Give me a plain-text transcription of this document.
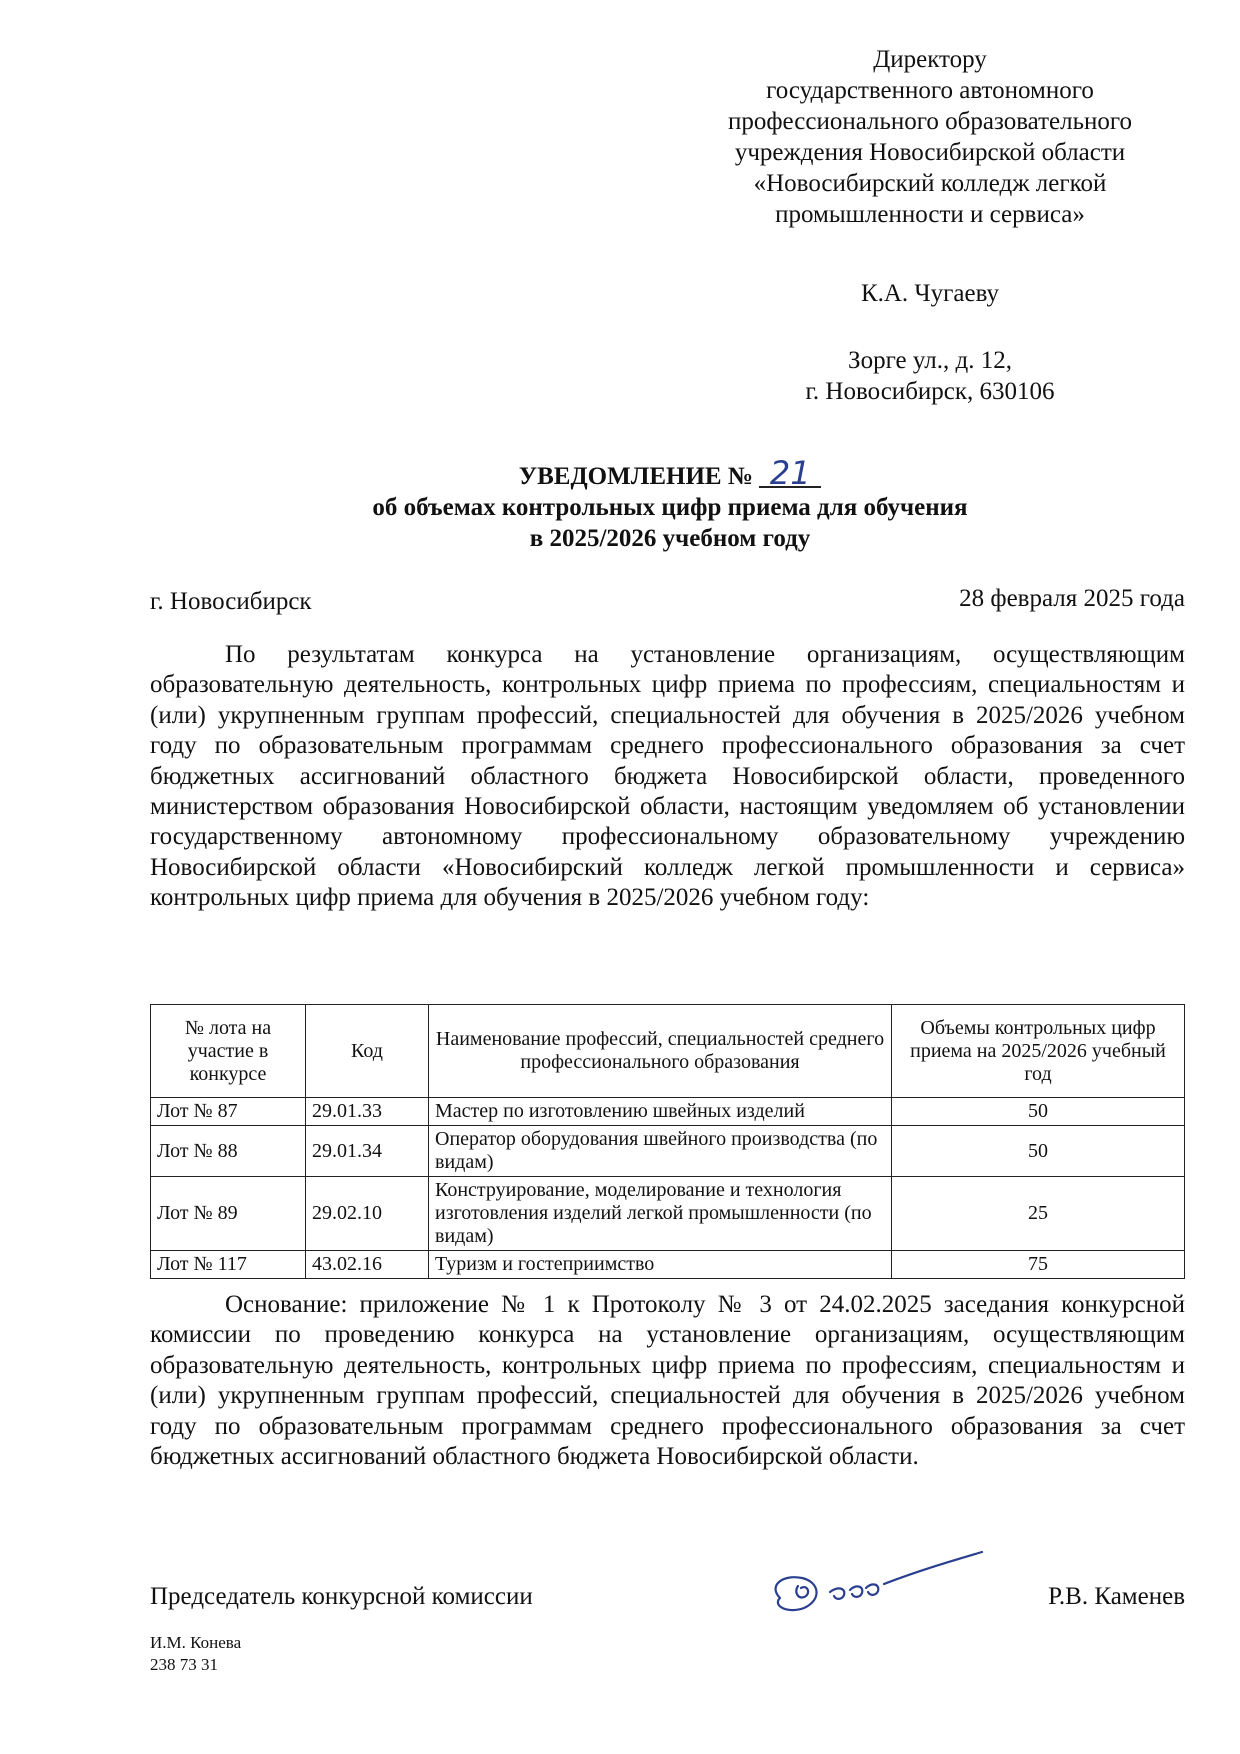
Директору
государственного автономного
профессионального образовательного
учреждения Новосибирской области
«Новосибирский колледж легкой
промышленности и сервиса»
К.А. Чугаеву
Зорге ул., д. 12,
г. Новосибирск, 630106
УВЕДОМЛЕНИЕ № 21
об объемах контрольных цифр приема для обучения
в 2025/2026 учебном году
г. Новосибирск	28 февраля 2025 года

По результатам конкурса на установление организациям, осуществляющим образовательную деятельность, контрольных цифр приема по профессиям, специальностям и (или) укрупненным группам профессий, специальностей для обучения в 2025/2026 учебном году по образовательным программам среднего профессионального образования за счет бюджетных ассигнований областного бюджета Новосибирской области, проведенного министерством образования Новосибирской области, настоящим уведомляем об установлении государственному автономному профессиональному образовательному учреждению Новосибирской области «Новосибирский колледж легкой промышленности и сервиса» контрольных цифр приема для обучения в 2025/2026 учебном году:

№ лота на участие в конкурсе	Код	Наименование профессий, специальностей среднего профессионального образования	Объемы контрольных цифр приема на 2025/2026 учебный год
Лот № 87	29.01.33	Мастер по изготовлению швейных изделий	50
Лот № 88	29.01.34	Оператор оборудования швейного производства (по видам)	50
Лот № 89	29.02.10	Конструирование, моделирование и технология изготовления изделий легкой промышленности (по видам)	25
Лот № 117	43.02.16	Туризм и гостеприимство	75

Основание: приложение № 1 к Протоколу № 3 от 24.02.2025 заседания конкурсной комиссии по проведению конкурса на установление организациям, осуществляющим образовательную деятельность, контрольных цифр приема по профессиям, специальностям и (или) укрупненным группам профессий, специальностей для обучения в 2025/2026 учебном году по образовательным программам среднего профессионального образования за счет бюджетных ассигнований областного бюджета Новосибирской области.

Председатель конкурсной комиссии	Р.В. Каменев
И.М. Конева
238 73 31
